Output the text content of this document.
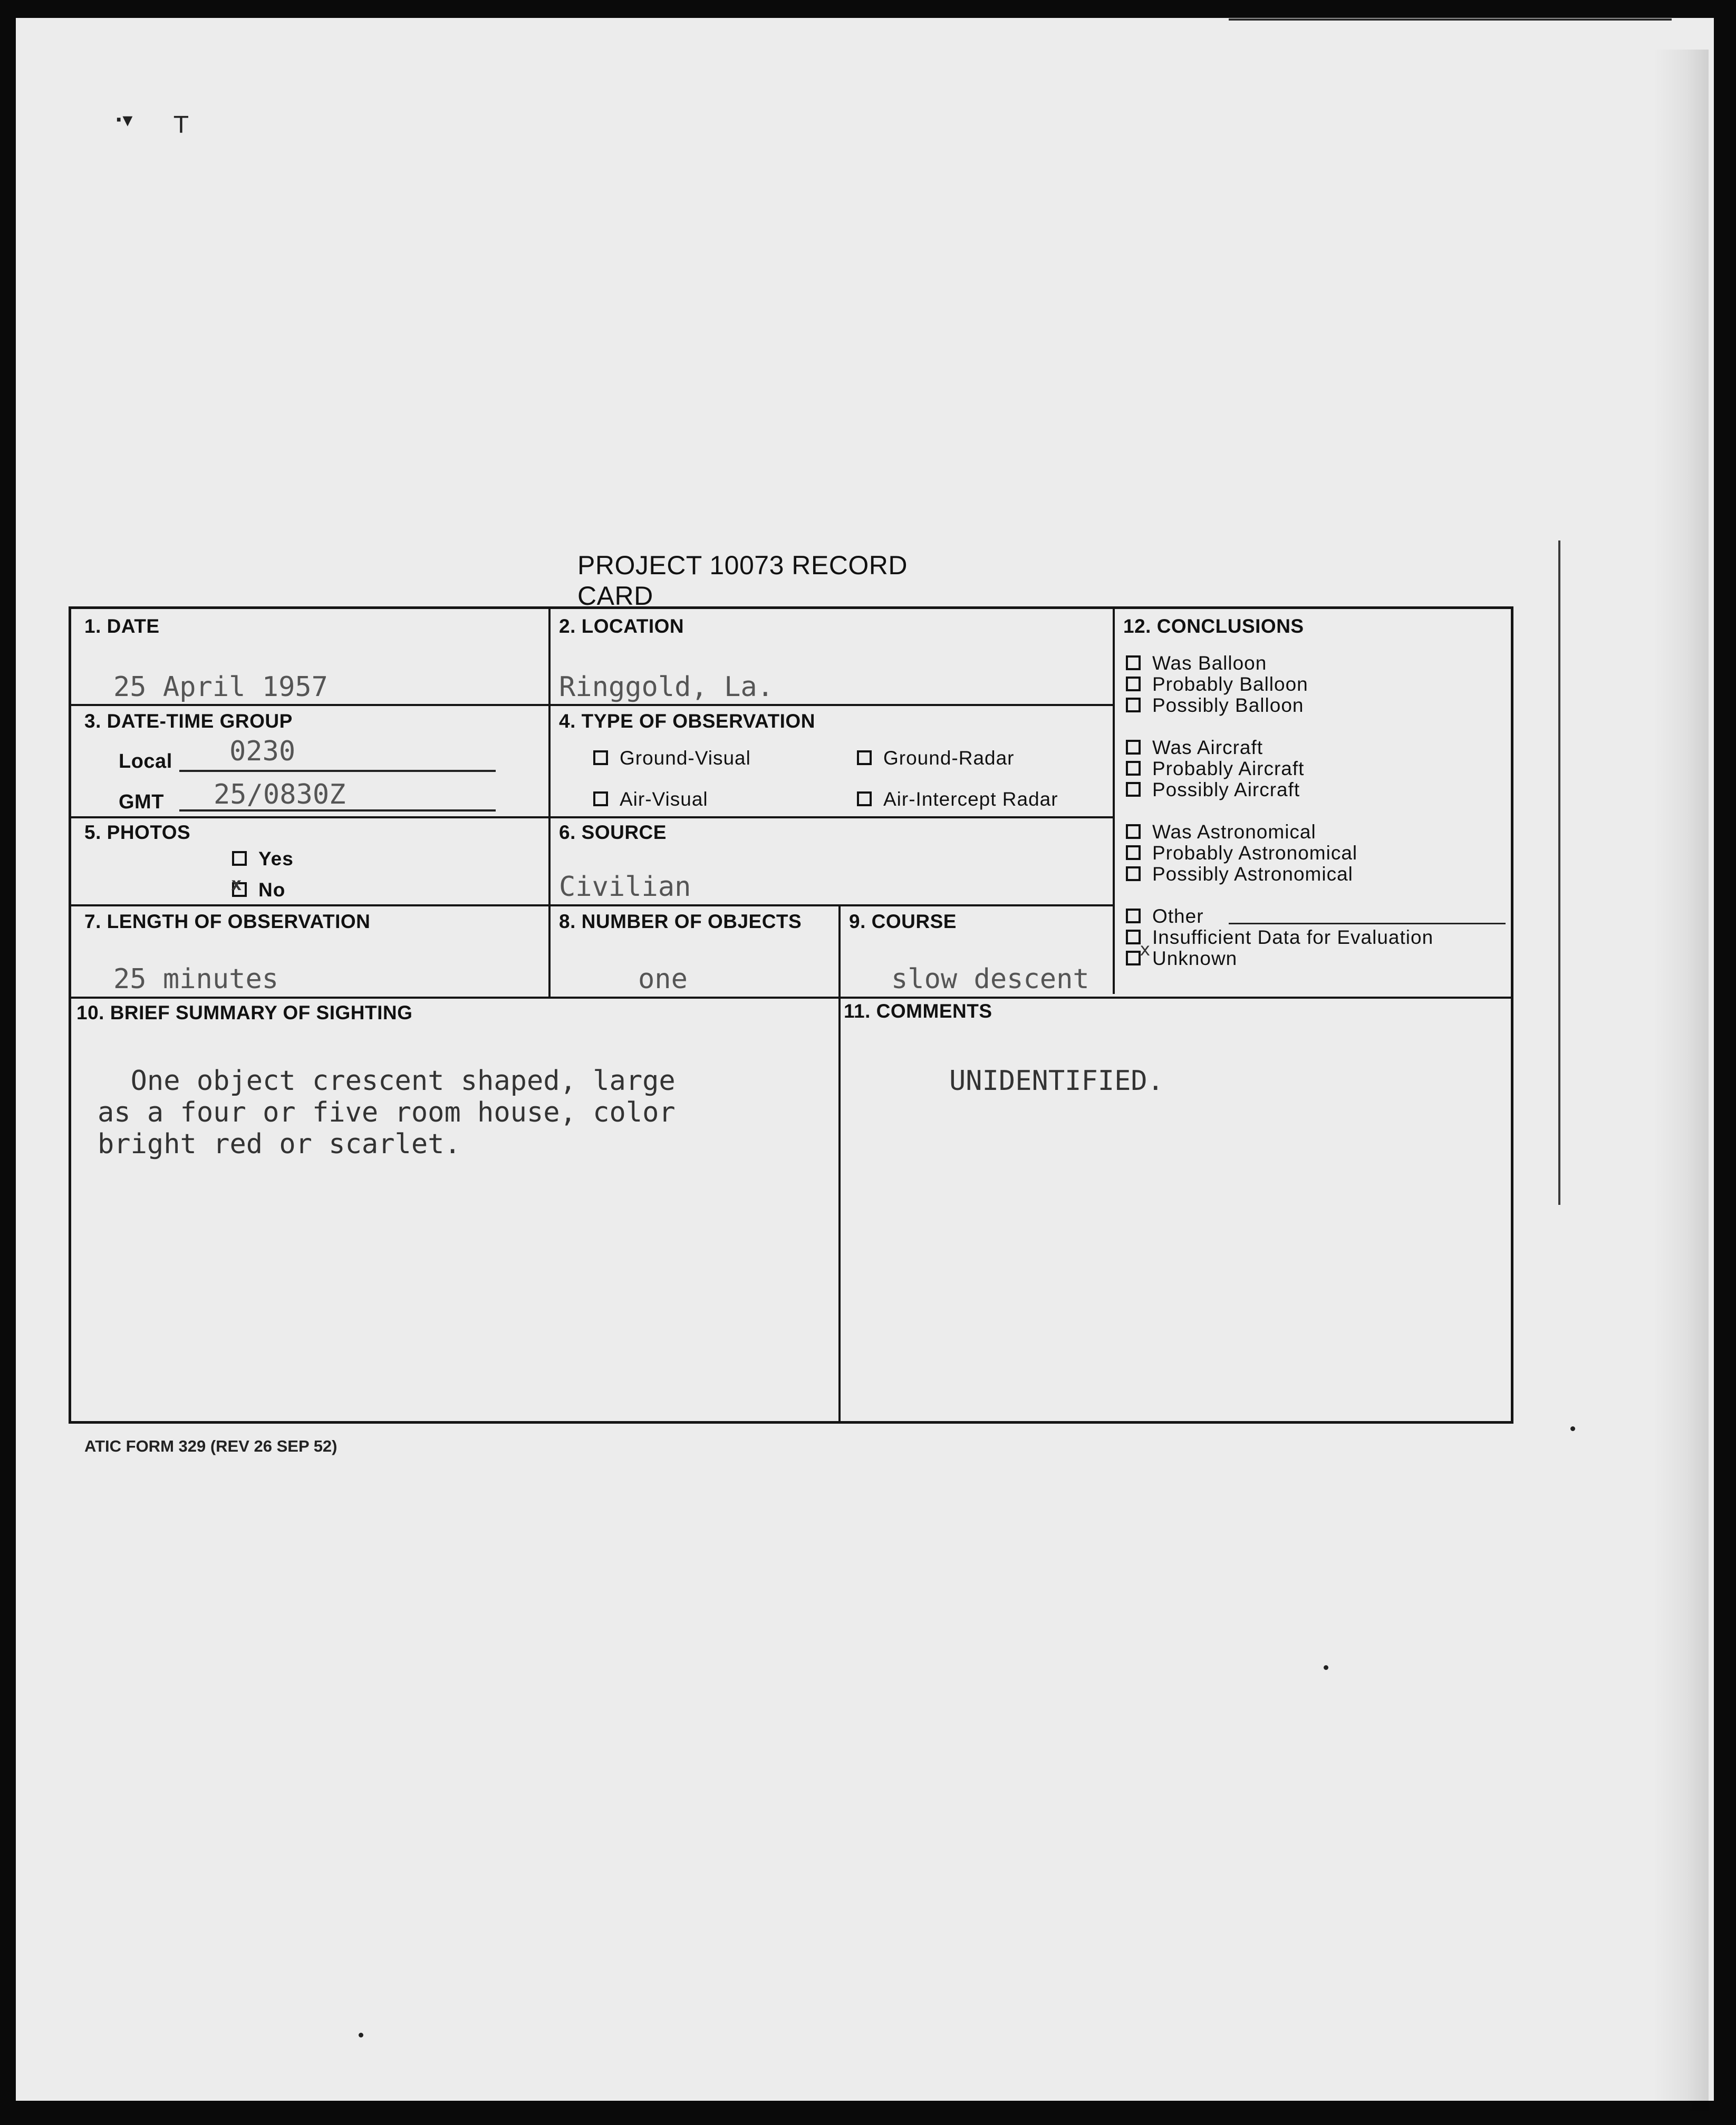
·▾ T
PROJECT 10073 RECORD CARD
1. DATE
25 April 1957
2. LOCATION
Ringgold, La.
3. DATE-TIME GROUP
Local 0230
GMT 25/0830Z
4. TYPE OF OBSERVATION
Ground-Visual	Ground-Radar
Air-Visual	Air-Intercept Radar
5. PHOTOS
Yes
x No
6. SOURCE
Civilian
7. LENGTH OF OBSERVATION
25 minutes
8. NUMBER OF OBJECTS
one
9. COURSE
slow descent
10. BRIEF SUMMARY OF SIGHTING
One object crescent shaped, large
as a four or five room house, color
bright red or scarlet.
11. COMMENTS
UNIDENTIFIED.
12. CONCLUSIONS
Was Balloon
Probably Balloon
Possibly Balloon
Was Aircraft
Probably Aircraft
Possibly Aircraft
Was Astronomical
Probably Astronomical
Possibly Astronomical
Other
Insufficient Data for Evaluation
x Unknown
ATIC FORM 329 (REV 26 SEP 52)
